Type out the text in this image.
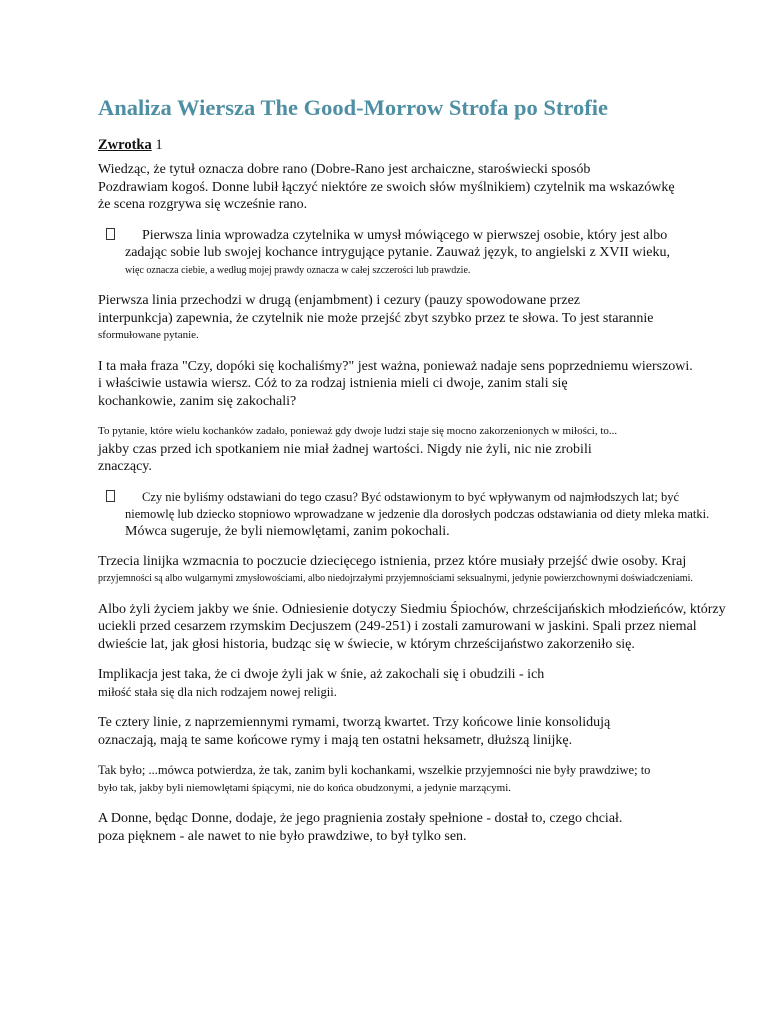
Analiza Wiersza The Good-Morrow Strofa po Strofie
Zwrotka 1
Wiedząc, że tytuł oznacza dobre rano (Dobre-Rano jest archaiczne, staroświecki sposób
Pozdrawiam kogoś. Donne lubił łączyć niektóre ze swoich słów myślnikiem) czytelnik ma wskazówkę
że scena rozgrywa się wcześnie rano.
Pierwsza linia wprowadza czytelnika w umysł mówiącego w pierwszej osobie, który jest albo
zadając sobie lub swojej kochance intrygujące pytanie. Zauważ język, to angielski z XVII wieku,
więc oznacza ciebie, a według mojej prawdy oznacza w całej szczerości lub prawdzie.
Pierwsza linia przechodzi w drugą (enjambment) i cezury (pauzy spowodowane przez
interpunkcja) zapewnia, że czytelnik nie może przejść zbyt szybko przez te słowa. To jest starannie
sformułowane pytanie.
I ta mała fraza "Czy, dopóki się kochaliśmy?" jest ważna, ponieważ nadaje sens poprzedniemu wierszowi.
i właściwie ustawia wiersz. Cóż to za rodzaj istnienia mieli ci dwoje, zanim stali się
kochankowie, zanim się zakochali?
To pytanie, które wielu kochanków zadało, ponieważ gdy dwoje ludzi staje się mocno zakorzenionych w miłości, to...
jakby czas przed ich spotkaniem nie miał żadnej wartości. Nigdy nie żyli, nic nie zrobili
znaczący.
Czy nie byliśmy odstawiani do tego czasu? Być odstawionym to być wpływanym od najmłodszych lat; być
niemowlę lub dziecko stopniowo wprowadzane w jedzenie dla dorosłych podczas odstawiania od diety mleka matki.
Mówca sugeruje, że byli niemowlętami, zanim pokochali.
Trzecia linijka wzmacnia to poczucie dziecięcego istnienia, przez które musiały przejść dwie osoby. Kraj
przyjemności są albo wulgarnymi zmysłowościami, albo niedojrzałymi przyjemnościami seksualnymi, jedynie powierzchownymi doświadczeniami.
Albo żyli życiem jakby we śnie. Odniesienie dotyczy Siedmiu Śpiochów, chrześcijańskich młodzieńców, którzy
uciekli przed cesarzem rzymskim Decjuszem (249-251) i zostali zamurowani w jaskini. Spali przez niemal
dwieście lat, jak głosi historia, budząc się w świecie, w którym chrześcijaństwo zakorzeniło się.
Implikacja jest taka, że ci dwoje żyli jak w śnie, aż zakochali się i obudzili - ich
miłość stała się dla nich rodzajem nowej religii.
Te cztery linie, z naprzemiennymi rymami, tworzą kwartet. Trzy końcowe linie konsolidują
oznaczają, mają te same końcowe rymy i mają ten ostatni heksametr, dłuższą linijkę.
Tak było; ...mówca potwierdza, że tak, zanim byli kochankami, wszelkie przyjemności nie były prawdziwe; to
było tak, jakby byli niemowlętami śpiącymi, nie do końca obudzonymi, a jedynie marzącymi.
A Donne, będąc Donne, dodaje, że jego pragnienia zostały spełnione - dostał to, czego chciał.
poza pięknem - ale nawet to nie było prawdziwe, to był tylko sen.
